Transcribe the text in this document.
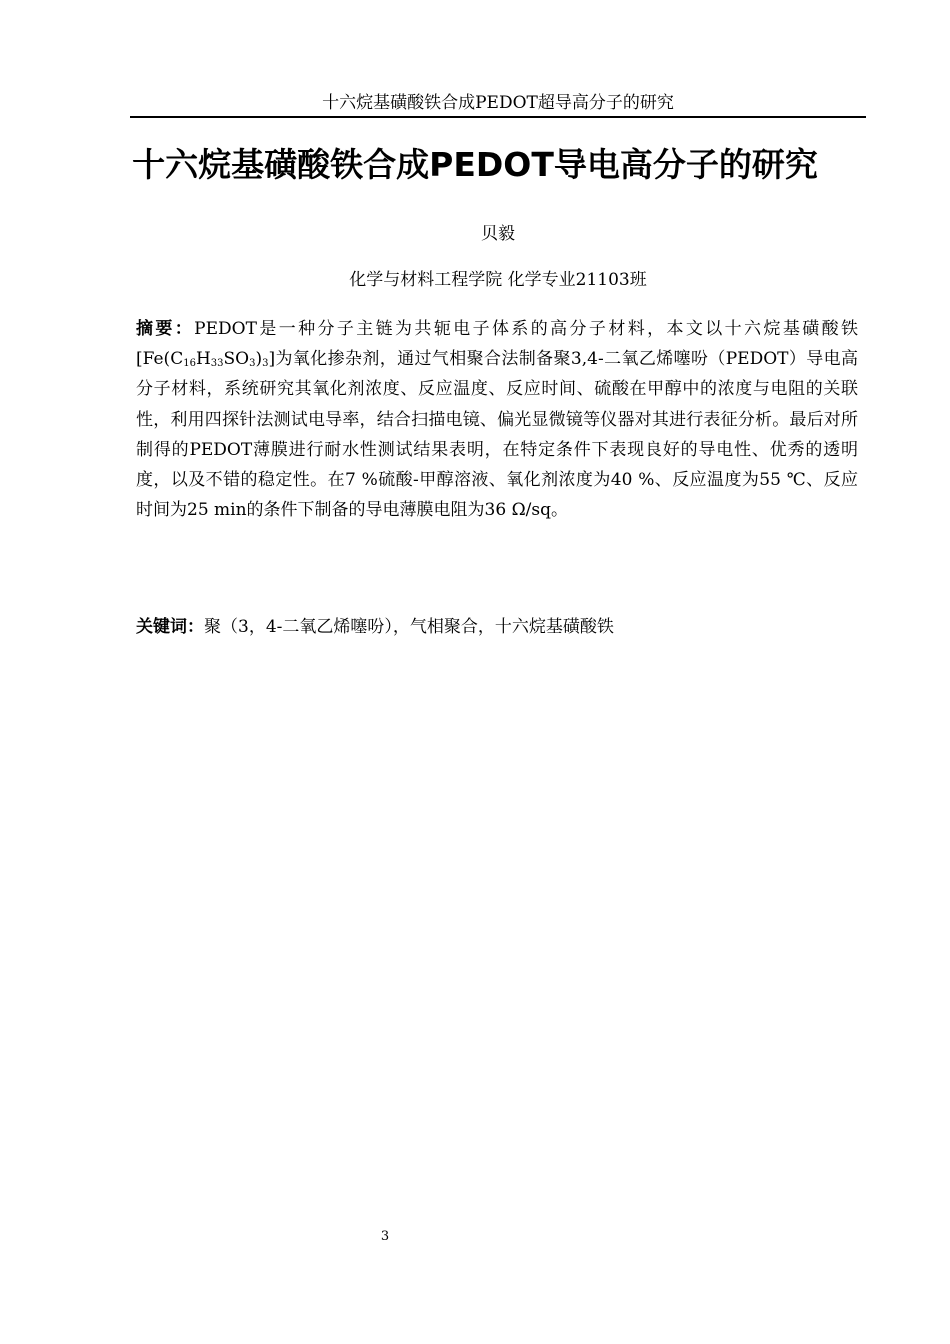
十六烷基磺酸铁合成PEDOT超导高分子的研究
十六烷基磺酸铁合成PEDOT导电高分子的研究
贝毅
化学与材料工程学院 化学专业21103班

摘要：PEDOT是一种分子主链为共轭电子体系的高分子材料，本文以十六烷基磺酸铁$[Fe(C_{16}H_{33}SO_3)_3]$为氧化掺杂剂，通过气相聚合法制备聚3,4-二氧乙烯噻吩（PEDOT）导电高分子材料，系统研究其氧化剂浓度、反应温度、反应时间、硫酸在甲醇中的浓度与电阻的关联性，利用四探针法测试电导率，结合扫描电镜、偏光显微镜等仪器对其进行表征分析。最后对所制得的PEDOT薄膜进行耐水性测试结果表明，在特定条件下表现良好的导电性、优秀的透明度，以及不错的稳定性。在7 %硫酸-甲醇溶液、氧化剂浓度为40 %、反应温度为55 ℃、反应时间为25 min的条件下制备的导电薄膜电阻为36 Ω/sq。

关键词：聚（3，4-二氧乙烯噻吩），气相聚合，十六烷基磺酸铁

3
